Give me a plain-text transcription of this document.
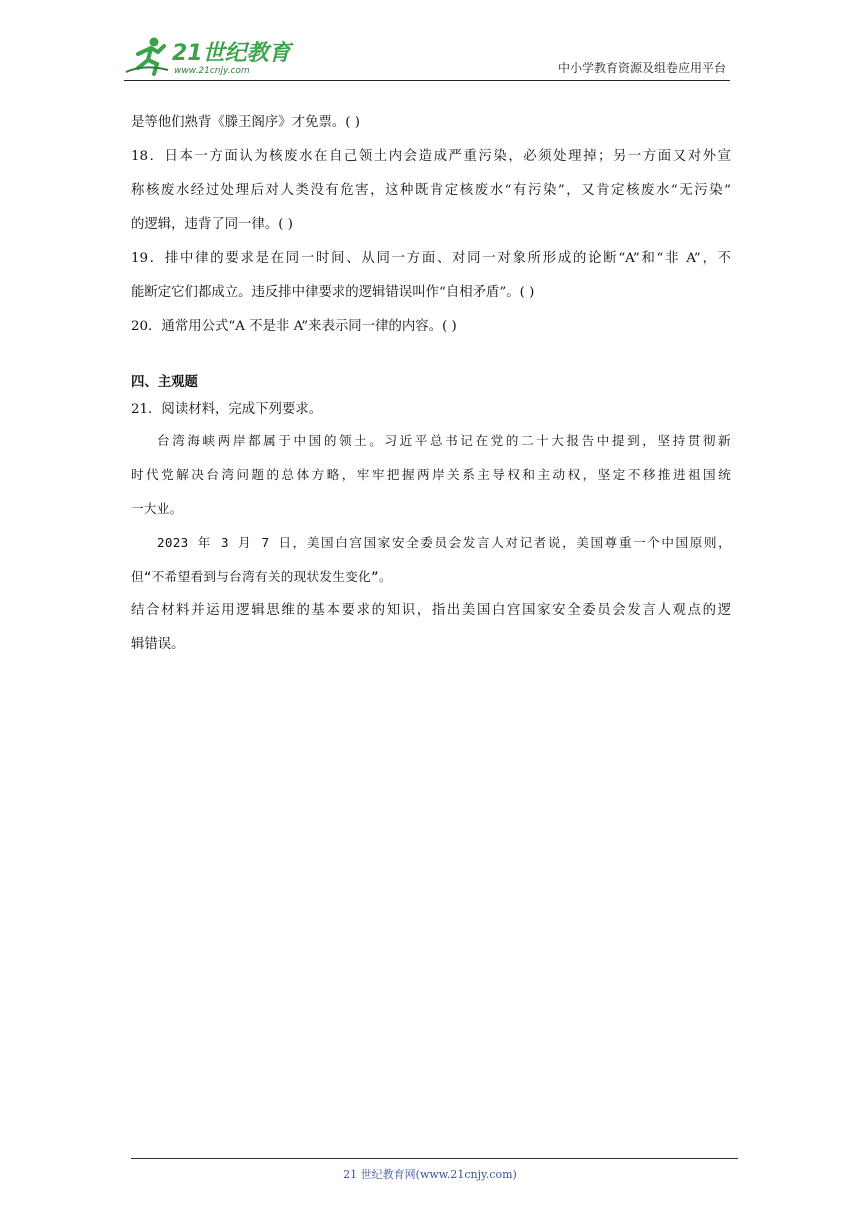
21世纪教育
www.21cnjy.com	中小学教育资源及组卷应用平台
是等他们熟背《滕王阁序》才免票。( )
18．日本一方面认为核废水在自己领土内会造成严重污染，必须处理掉；另一方面又对外宣
称核废水经过处理后对人类没有危害，这种既肯定核废水“有污染”，又肯定核废水“无污染”
的逻辑，违背了同一律。( )
19．排中律的要求是在同一时间、从同一方面、对同一对象所形成的论断“A”和“非 A”，不
能断定它们都成立。违反排中律要求的逻辑错误叫作“自相矛盾”。( )
20．通常用公式“A 不是非 A”来表示同一律的内容。( )
四、主观题
21．阅读材料，完成下列要求。
台湾海峡两岸都属于中国的领土。习近平总书记在党的二十大报告中提到，坚持贯彻新
时代党解决台湾问题的总体方略，牢牢把握两岸关系主导权和主动权，坚定不移推进祖国统
一大业。
2023 年 3 月 7 日，美国白宫国家安全委员会发言人对记者说，美国尊重一个中国原则，
但“不希望看到与台湾有关的现状发生变化”。
结合材料并运用逻辑思维的基本要求的知识，指出美国白宫国家安全委员会发言人观点的逻
辑错误。
21 世纪教育网(www.21cnjy.com)
